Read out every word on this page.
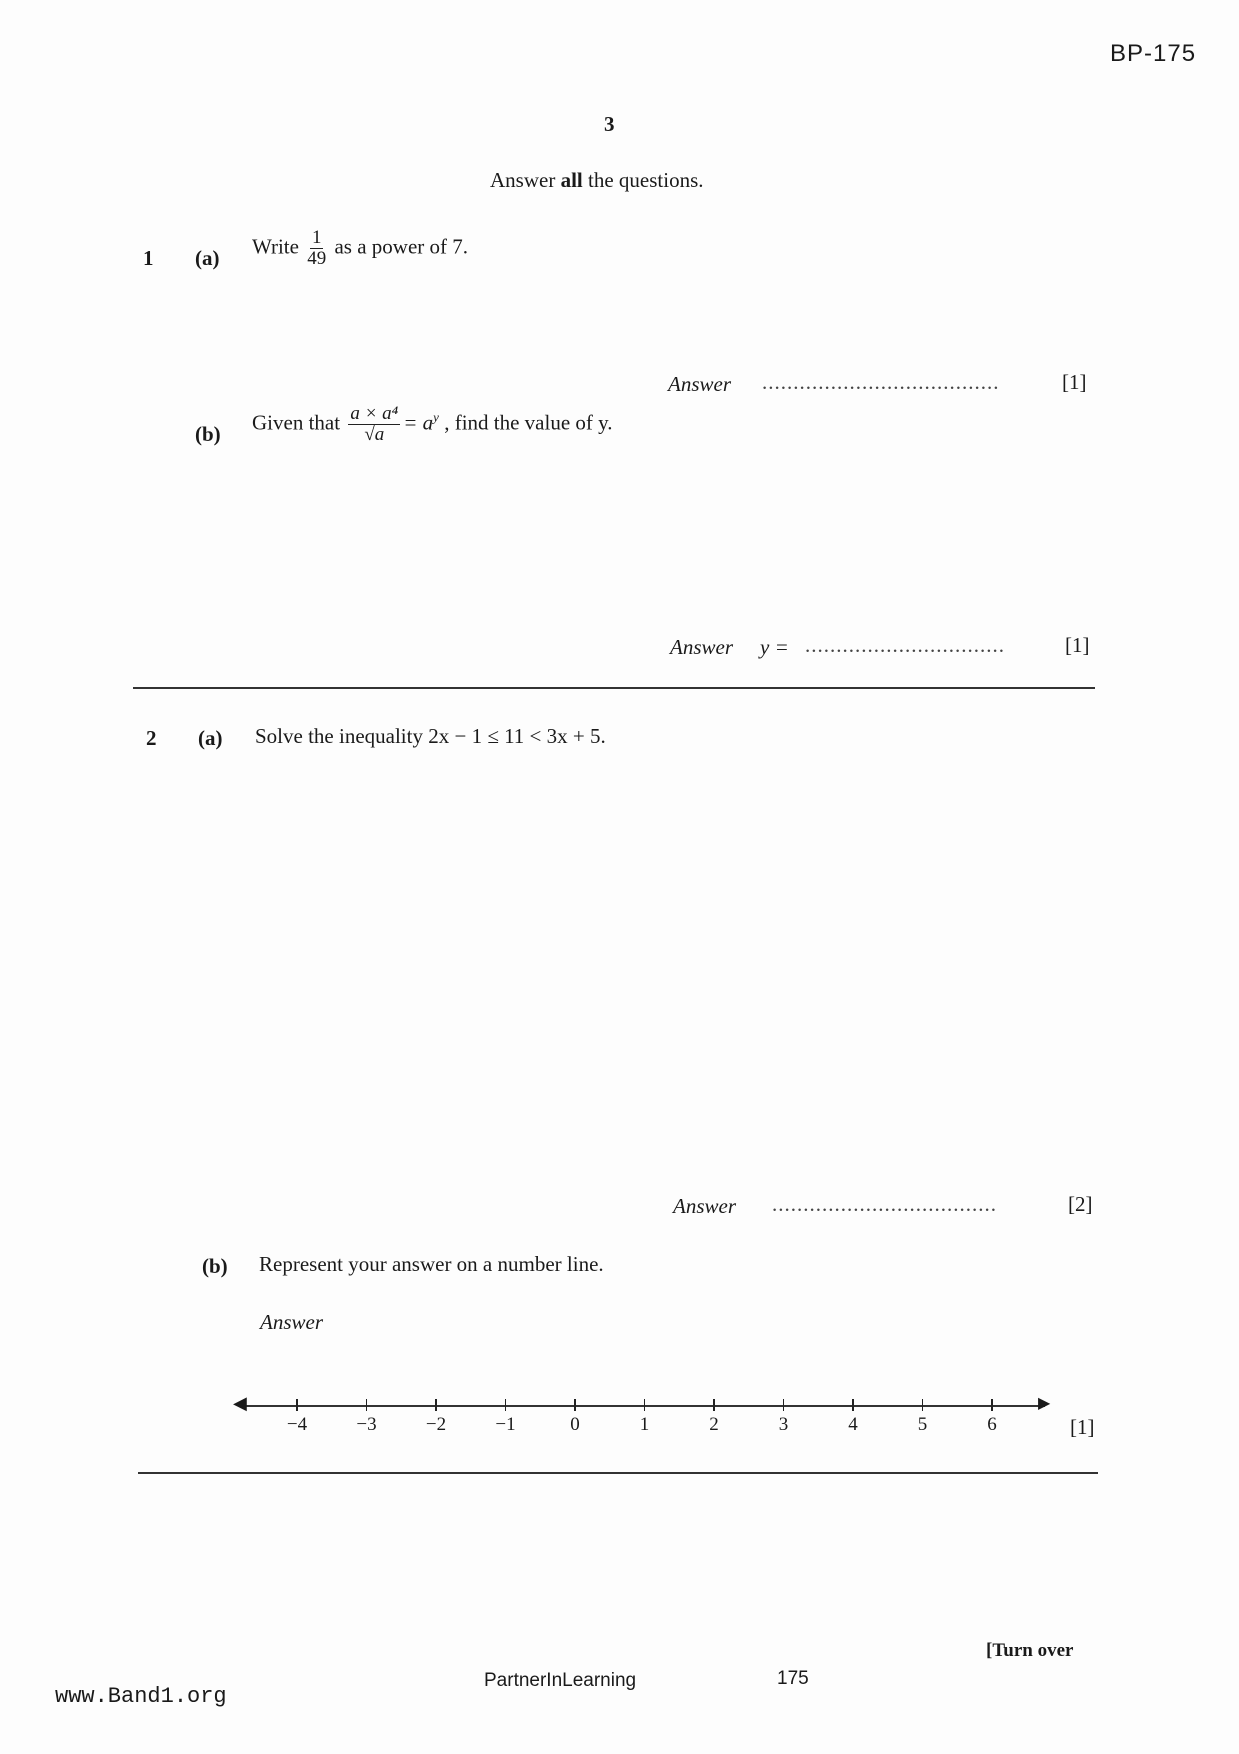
BP-175
3
Answer all the questions.
1 (a) Write $\frac{1}{49}$ as a power of 7.
Answer ......................................	[1]
(b) Given that $\frac{\text{a × a⁴}}{√a} = a^y$ , find the value of y.
Answer y = ................................	[1]
2 (a) Solve the inequality 2x − 1 ≤ 11 < 3x + 5.
Answer ....................................	[2]
(b) Represent your answer on a number line.
Answer
◀	▶
−4	−3	−2	−1	0	1	2	3	4	5	6	[1]
[Turn over
PartnerInLearning	175
www.Band1.org
